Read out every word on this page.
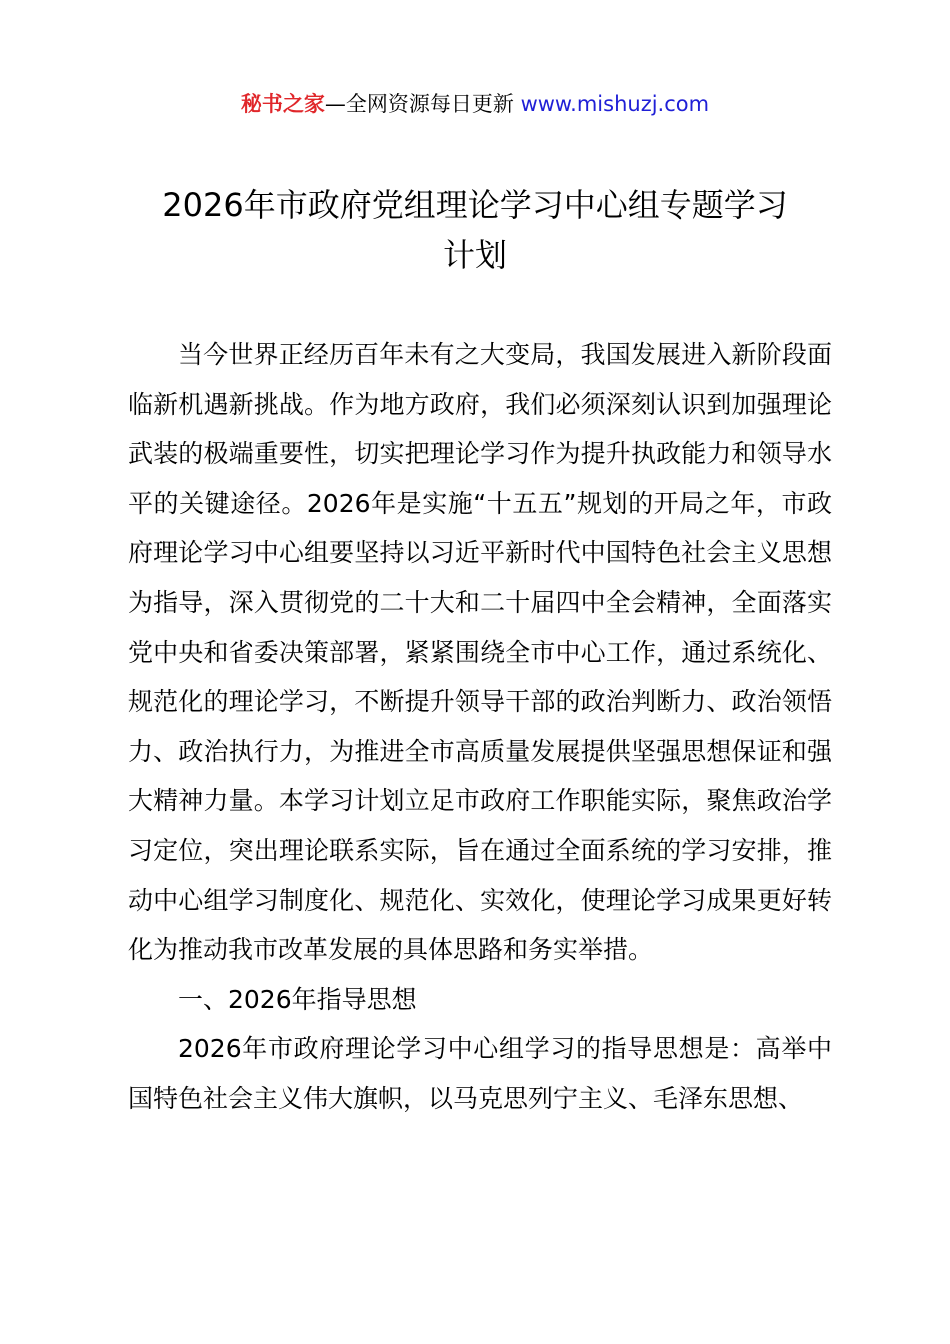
秘书之家—全网资源每日更新 www.mishuzj.com
2026年市政府党组理论学习中心组专题学习
计划

当今世界正经历百年未有之大变局，我国发展进入新阶段面临新机遇新挑战。作为地方政府，我们必须深刻认识到加强理论武装的极端重要性，切实把理论学习作为提升执政能力和领导水平的关键途径。2026年是实施“十五五”规划的开局之年，市政府理论学习中心组要坚持以习近平新时代中国特色社会主义思想为指导，深入贯彻党的二十大和二十届四中全会精神，全面落实党中央和省委决策部署，紧紧围绕全市中心工作，通过系统化、规范化的理论学习，不断提升领导干部的政治判断力、政治领悟力、政治执行力，为推进全市高质量发展提供坚强思想保证和强大精神力量。本学习计划立足市政府工作职能实际，聚焦政治学习定位，突出理论联系实际，旨在通过全面系统的学习安排，推动中心组学习制度化、规范化、实效化，使理论学习成果更好转化为推动我市改革发展的具体思路和务实举措。

一、2026年指导思想

2026年市政府理论学习中心组学习的指导思想是：高举中国特色社会主义伟大旗帜，以马克思列宁主义、毛泽东思想、
